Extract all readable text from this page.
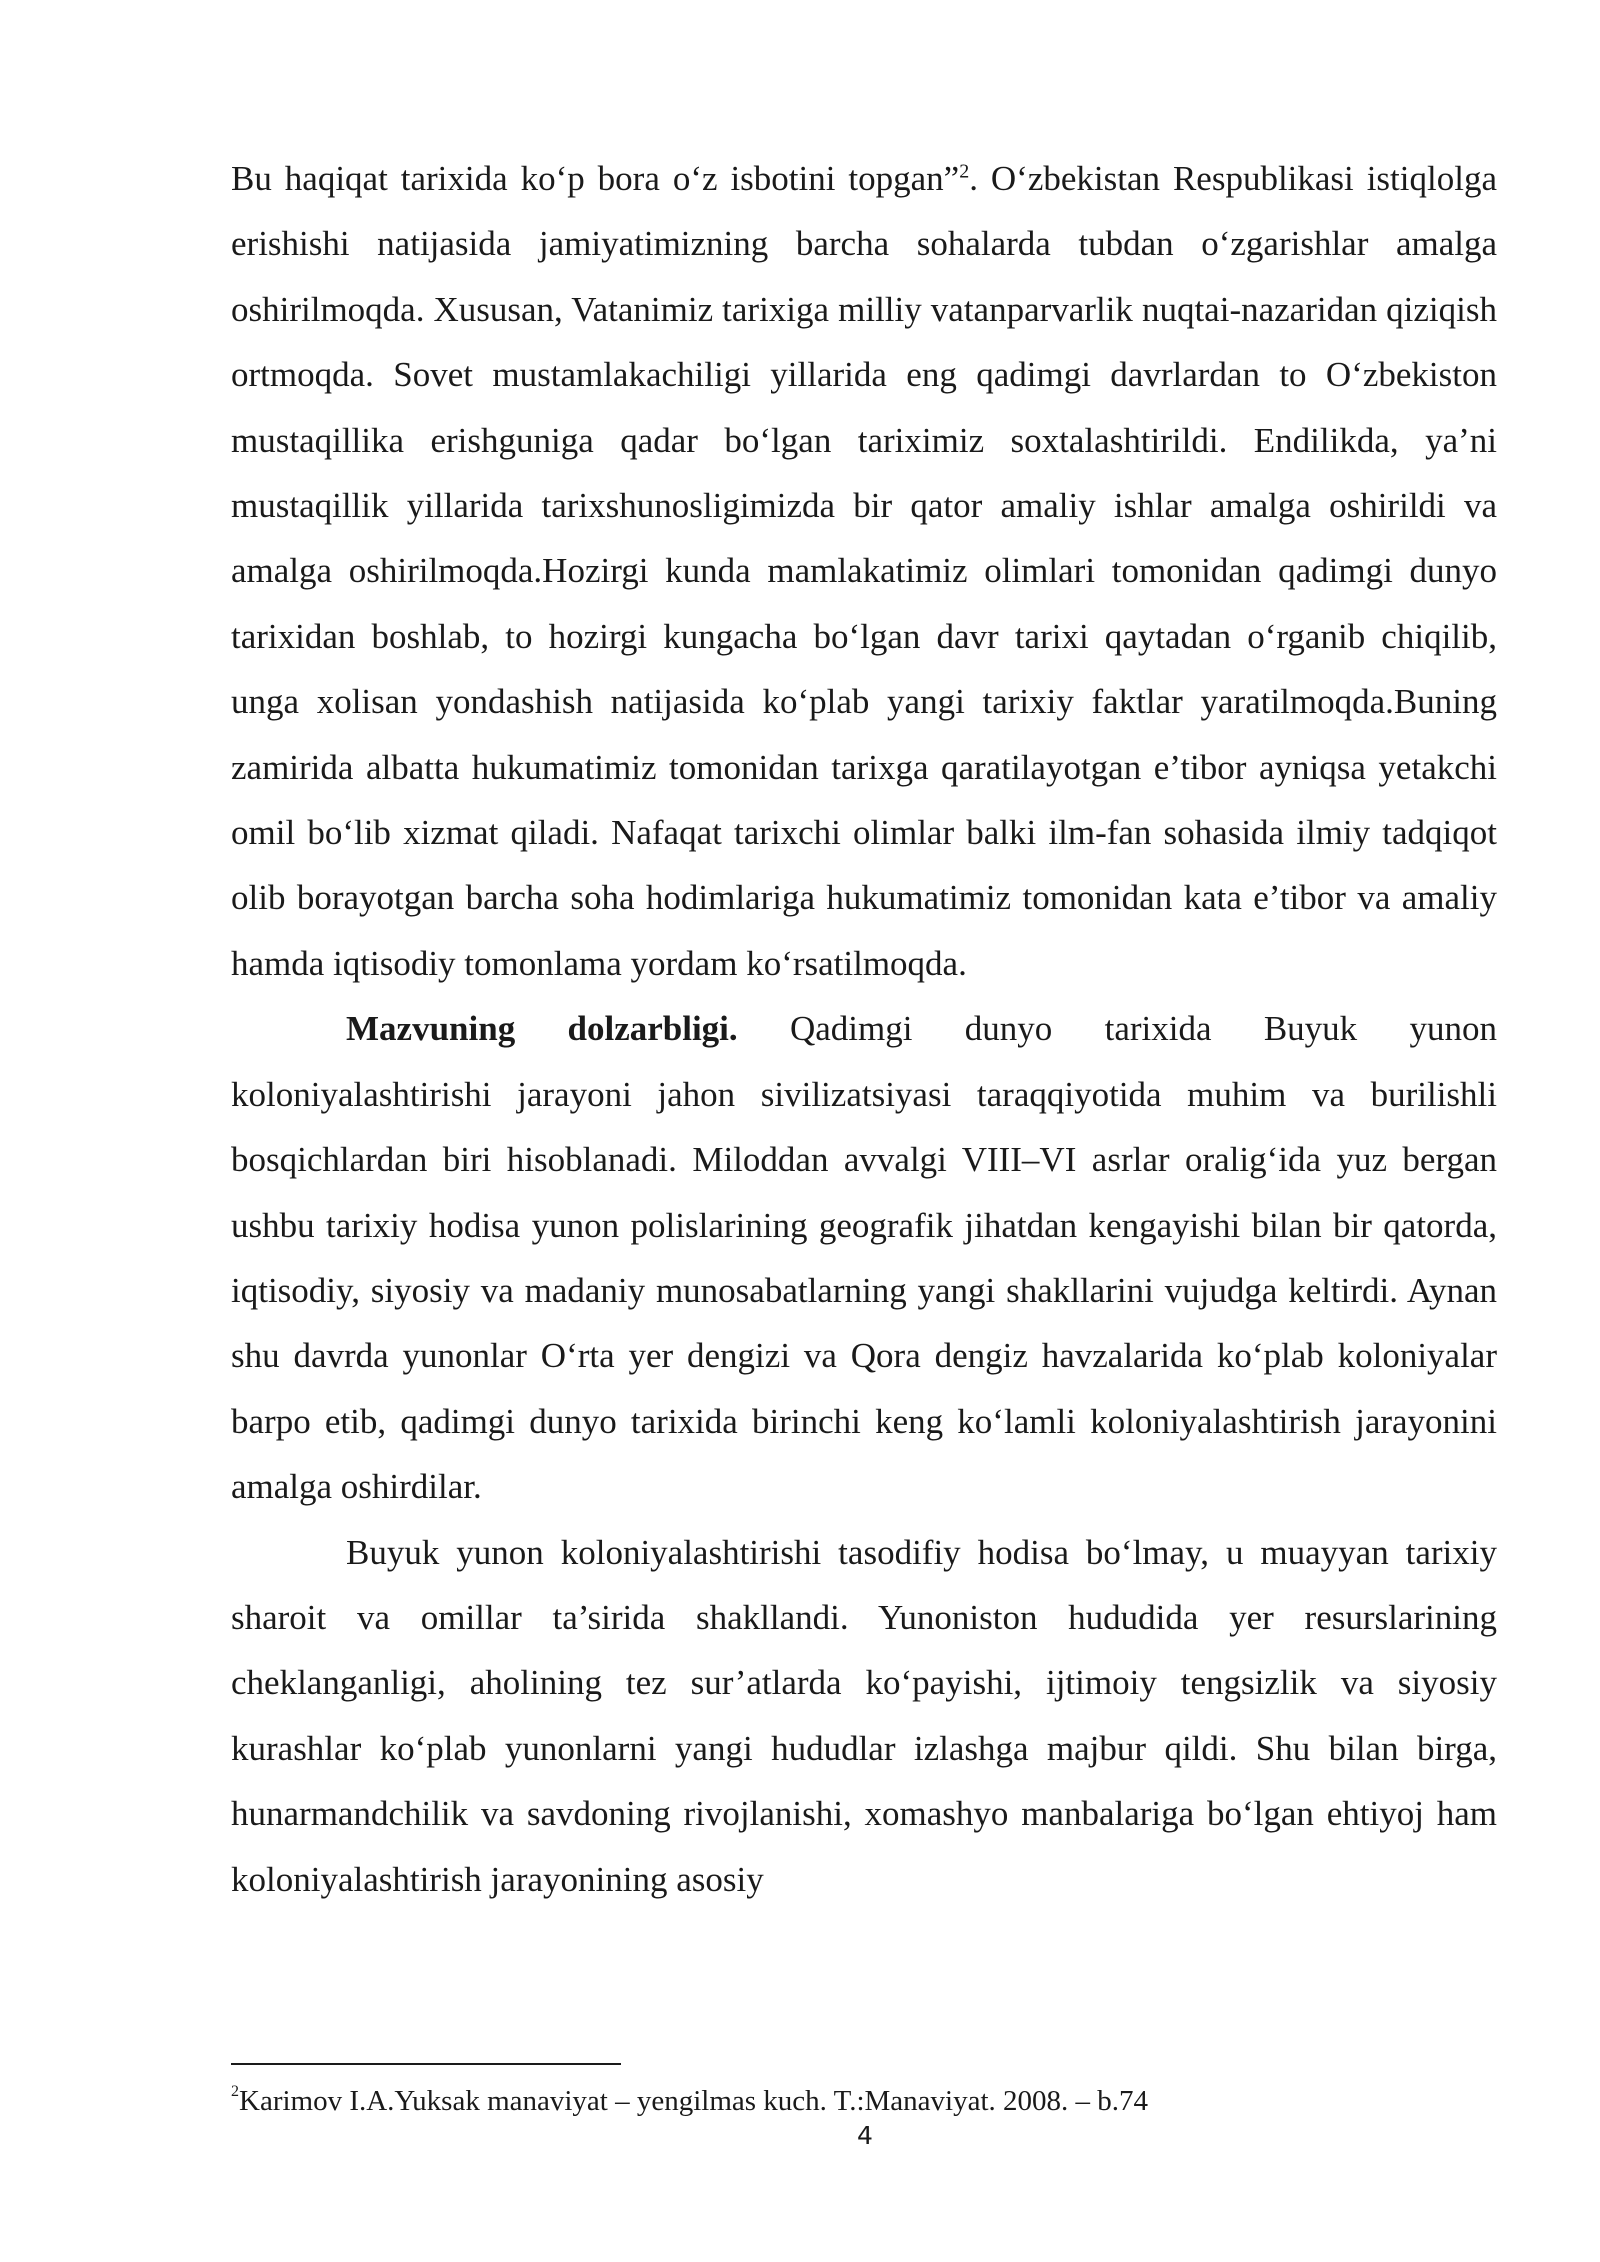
Bu haqiqat tarixida ko‘p bora o‘z isbotini topgan”$^2$. O‘zbekistan Respublikasi istiqlolga erishishi natijasida jamiyatimizning barcha sohalarda tubdan o‘zgarishlar amalga oshirilmoqda. Xususan, Vatanimiz tarixiga milliy vatanparvarlik nuqtai-nazaridan qiziqish ortmoqda. Sovet mustamlakachiligi yillarida eng qadimgi davrlardan to O‘zbekiston mustaqillika erishguniga qadar bo‘lgan tariximiz soxtalashtirildi. Endilikda, ya’ni mustaqillik yillarida tarixshunosligimizda bir qator amaliy ishlar amalga oshirildi va amalga oshirilmoqda.Hozirgi kunda mamlakatimiz olimlari tomonidan qadimgi dunyo tarixidan boshlab, to hozirgi kungacha bo‘lgan davr tarixi qaytadan o‘rganib chiqilib, unga xolisan yondashish natijasida ko‘plab yangi tarixiy faktlar yaratilmoqda.Buning zamirida albatta hukumatimiz tomonidan tarixga qaratilayotgan e’tibor ayniqsa yetakchi omil bo‘lib xizmat qiladi. Nafaqat tarixchi olimlar balki ilm-fan sohasida ilmiy tadqiqot olib borayotgan barcha soha hodimlariga hukumatimiz tomonidan kata e’tibor va amaliy hamda iqtisodiy tomonlama yordam ko‘rsatilmoqda.

Mazvuning dolzarbligi. Qadimgi dunyo tarixida Buyuk yunon koloniyalashtirishi jarayoni jahon sivilizatsiyasi taraqqiyotida muhim va burilishli bosqichlardan biri hisoblanadi. Miloddan avvalgi VIII–VI asrlar oralig‘ida yuz bergan ushbu tarixiy hodisa yunon polislarining geografik jihatdan kengayishi bilan bir qatorda, iqtisodiy, siyosiy va madaniy munosabatlarning yangi shakllarini vujudga keltirdi. Aynan shu davrda yunonlar O‘rta yer dengizi va Qora dengiz havzalarida ko‘plab koloniyalar barpo etib, qadimgi dunyo tarixida birinchi keng ko‘lamli koloniyalashtirish jarayonini amalga oshirdilar.

Buyuk yunon koloniyalashtirishi tasodifiy hodisa bo‘lmay, u muayyan tarixiy sharoit va omillar ta’sirida shakllandi. Yunoniston hududida yer resurslarining cheklanganligi, aholining tez sur’atlarda ko‘payishi, ijtimoiy tengsizlik va siyosiy kurashlar ko‘plab yunonlarni yangi hududlar izlashga majbur qildi. Shu bilan birga, hunarmandchilik va savdoning rivojlanishi, xomashyo manbalariga bo‘lgan ehtiyoj ham koloniyalashtirish jarayonining asosiy

$^2$Karimov I.A.Yuksak manaviyat – yengilmas kuch. T.:Manaviyat. 2008. – b.74

4
